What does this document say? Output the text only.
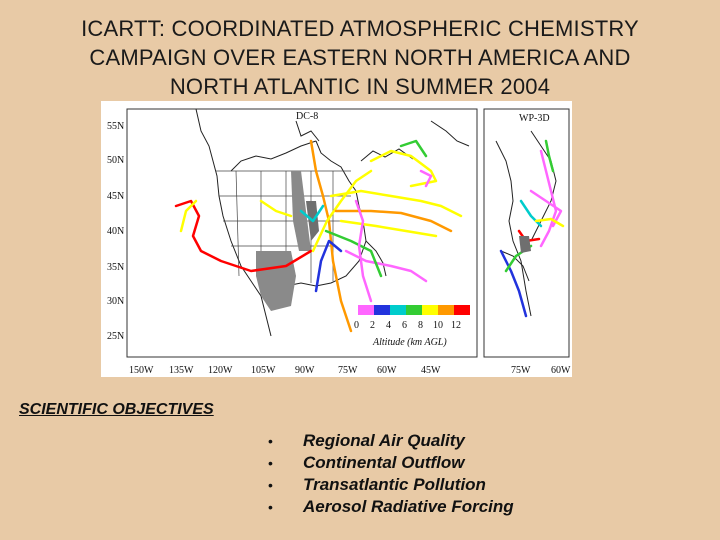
ICARTT: COORDINATED ATMOSPHERIC CHEMISTRY
CAMPAIGN OVER EASTERN NORTH AMERICA AND
NORTH ATLANTIC IN SUMMER 2004
DC-8	WP-3D
55N
50N
45N
40N
35N
30N
25N
150W 135W 120W 105W 90W 75W 60W 45W	75W 60W
0 2 4 6 8 10 12
Altitude (km AGL)
SCIENTIFIC OBJECTIVES
• Regional Air Quality
• Continental Outflow
• Transatlantic Pollution
• Aerosol Radiative Forcing
